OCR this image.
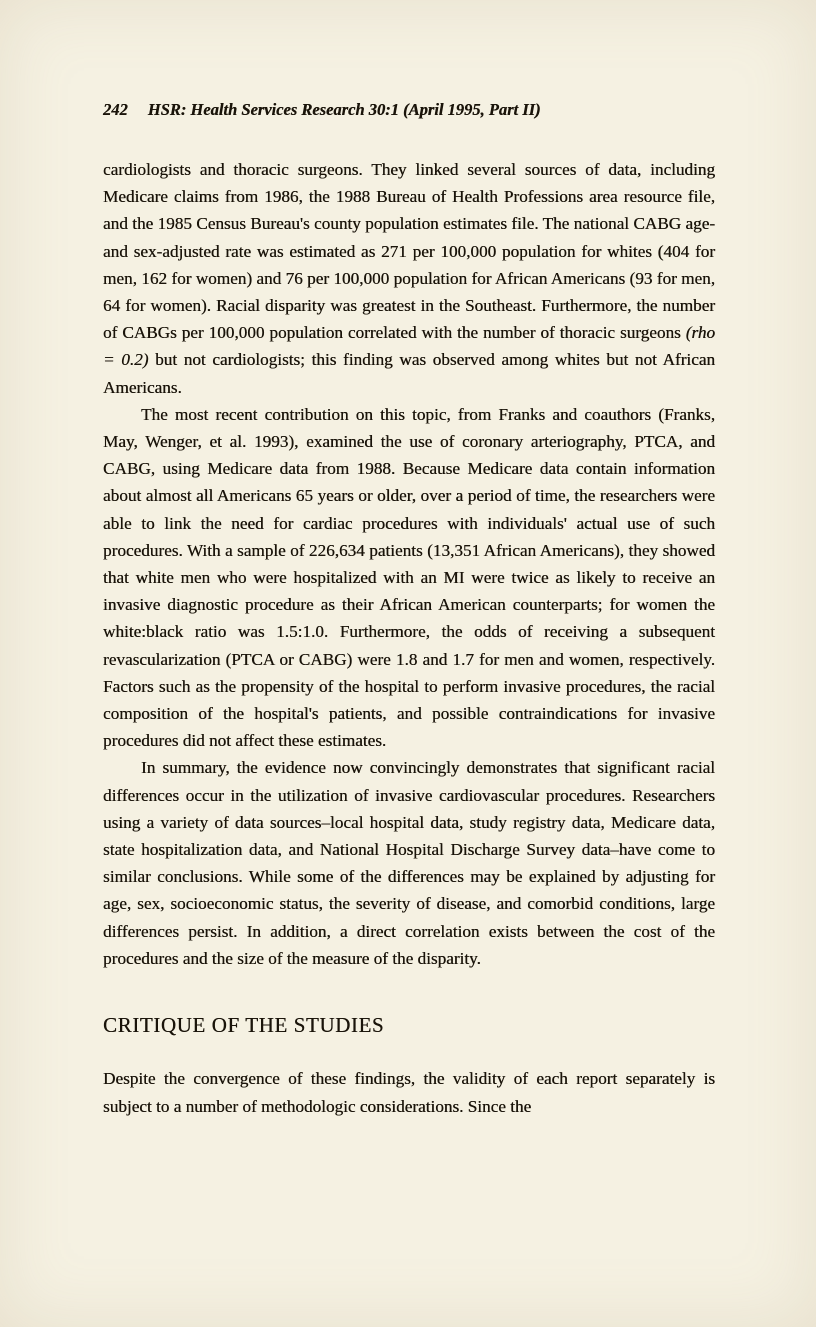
242 HSR: Health Services Research 30:1 (April 1995, Part II)

cardiologists and thoracic surgeons. They linked several sources of data, including Medicare claims from 1986, the 1988 Bureau of Health Professions area resource file, and the 1985 Census Bureau's county population estimates file. The national CABG age- and sex-adjusted rate was estimated as 271 per 100,000 population for whites (404 for men, 162 for women) and 76 per 100,000 population for African Americans (93 for men, 64 for women). Racial disparity was greatest in the Southeast. Furthermore, the number of CABGs per 100,000 population correlated with the number of thoracic surgeons (rho = 0.2) but not cardiologists; this finding was observed among whites but not African Americans.

The most recent contribution on this topic, from Franks and coauthors (Franks, May, Wenger, et al. 1993), examined the use of coronary arteriography, PTCA, and CABG, using Medicare data from 1988. Because Medicare data contain information about almost all Americans 65 years or older, over a period of time, the researchers were able to link the need for cardiac procedures with individuals' actual use of such procedures. With a sample of 226,634 patients (13,351 African Americans), they showed that white men who were hospitalized with an MI were twice as likely to receive an invasive diagnostic procedure as their African American counterparts; for women the white:black ratio was 1.5:1.0. Furthermore, the odds of receiving a subsequent revascularization (PTCA or CABG) were 1.8 and 1.7 for men and women, respectively. Factors such as the propensity of the hospital to perform invasive procedures, the racial composition of the hospital's patients, and possible contraindications for invasive procedures did not affect these estimates.

In summary, the evidence now convincingly demonstrates that significant racial differences occur in the utilization of invasive cardiovascular procedures. Researchers using a variety of data sources–local hospital data, study registry data, Medicare data, state hospitalization data, and National Hospital Discharge Survey data–have come to similar conclusions. While some of the differences may be explained by adjusting for age, sex, socioeconomic status, the severity of disease, and comorbid conditions, large differences persist. In addition, a direct correlation exists between the cost of the procedures and the size of the measure of the disparity.

CRITIQUE OF THE STUDIES

Despite the convergence of these findings, the validity of each report separately is subject to a number of methodologic considerations. Since the
